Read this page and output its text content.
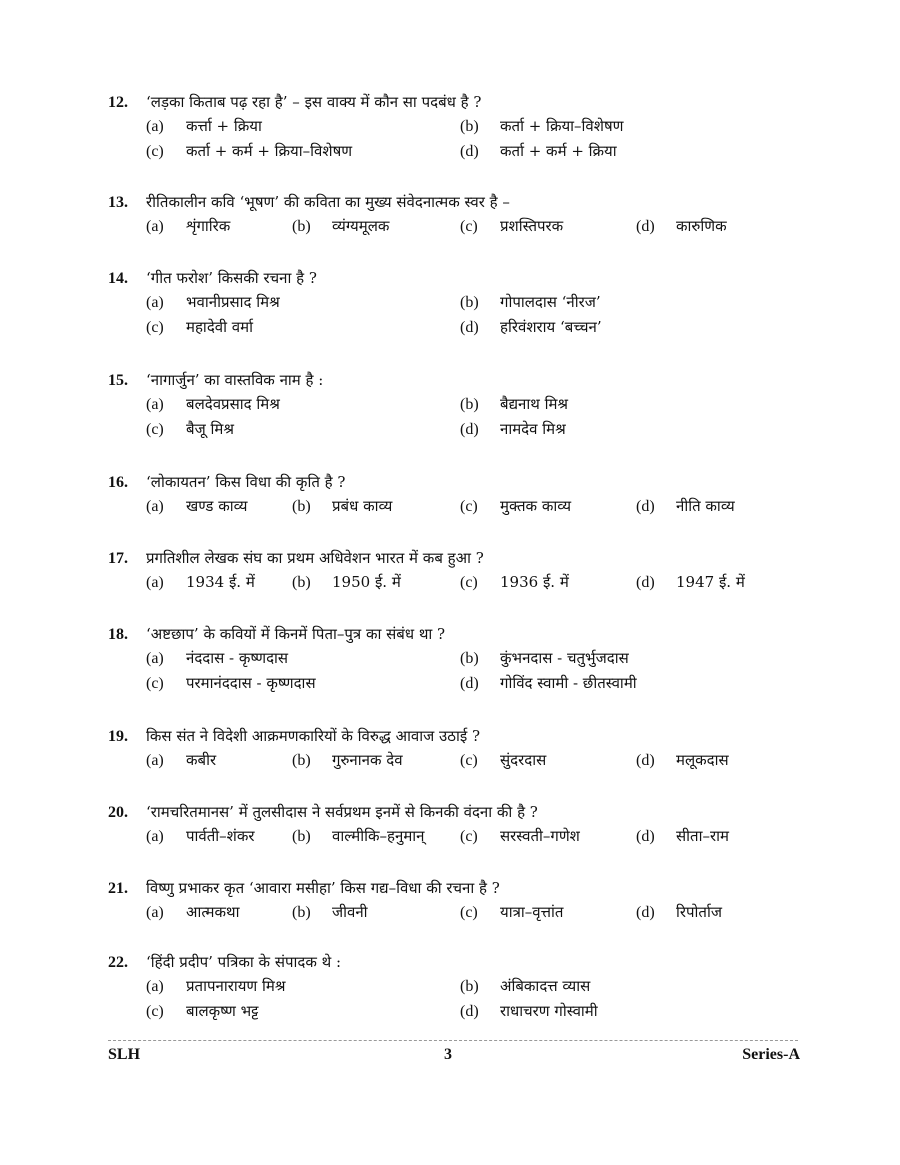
12.	‘लड़का किताब पढ़ रहा है’ – इस वाक्य में कौन सा पदबंध है ?
(a)	कर्त्ता + क्रिया	(b)	कर्ता + क्रिया–विशेषण
(c)	कर्ता + कर्म + क्रिया–विशेषण	(d)	कर्ता + कर्म + क्रिया
13.	रीतिकालीन कवि ‘भूषण’ की कविता का मुख्य संवेदनात्मक स्वर है –
(a)	शृंगारिक	(b)	व्यंग्यमूलक	(c)	प्रशस्तिपरक	(d)	कारुणिक
14.	‘गीत फरोश’ किसकी रचना है ?
(a)	भवानीप्रसाद मिश्र	(b)	गोपालदास ‘नीरज’
(c)	महादेवी वर्मा	(d)	हरिवंशराय ‘बच्चन’
15.	‘नागार्जुन’ का वास्तविक नाम है :
(a)	बलदेवप्रसाद मिश्र	(b)	बैद्यनाथ मिश्र
(c)	बैजू मिश्र	(d)	नामदेव मिश्र
16.	‘लोकायतन’ किस विधा की कृति है ?
(a)	खण्ड काव्य	(b)	प्रबंध काव्य	(c)	मुक्तक काव्य	(d)	नीति काव्य
17.	प्रगतिशील लेखक संघ का प्रथम अधिवेशन भारत में कब हुआ ?
(a)	1934 ई. में (b)	1950 ई. में	(c)	1936 ई. में	(d)	1947 ई. में
18.	‘अष्टछाप’ के कवियों में किनमें पिता–पुत्र का संबंध था ?
(a)	नंददास - कृष्णदास	(b)	कुंभनदास - चतुर्भुजदास
(c)	परमानंददास - कृष्णदास	(d)	गोविंद स्वामी - छीतस्वामी
19.	किस संत ने विदेशी आक्रमणकारियों के विरुद्ध आवाज उठाई ?
(a)	कबीर	(b)	गुरुनानक देव	(c)	सुंदरदास	(d)	मलूकदास
20.	‘रामचरितमानस’ में तुलसीदास ने सर्वप्रथम इनमें से किनकी वंदना की है ?
(a)	पार्वती–शंकर (b)	वाल्मीकि–हनुमान् (c)	सरस्वती–गणेश	(d)	सीता–राम
21.	विष्णु प्रभाकर कृत ‘आवारा मसीहा’ किस गद्य–विधा की रचना है ?
(a)	आत्मकथा	(b)	जीवनी	(c)	यात्रा–वृत्तांत	(d)	रिपोर्ताज
22.	‘हिंदी प्रदीप’ पत्रिका के संपादक थे :
(a)	प्रतापनारायण मिश्र	(b)	अंबिकादत्त व्यास
(c)	बालकृष्ण भट्ट	(d)	राधाचरण गोस्वामी
SLH	3	Series-A
